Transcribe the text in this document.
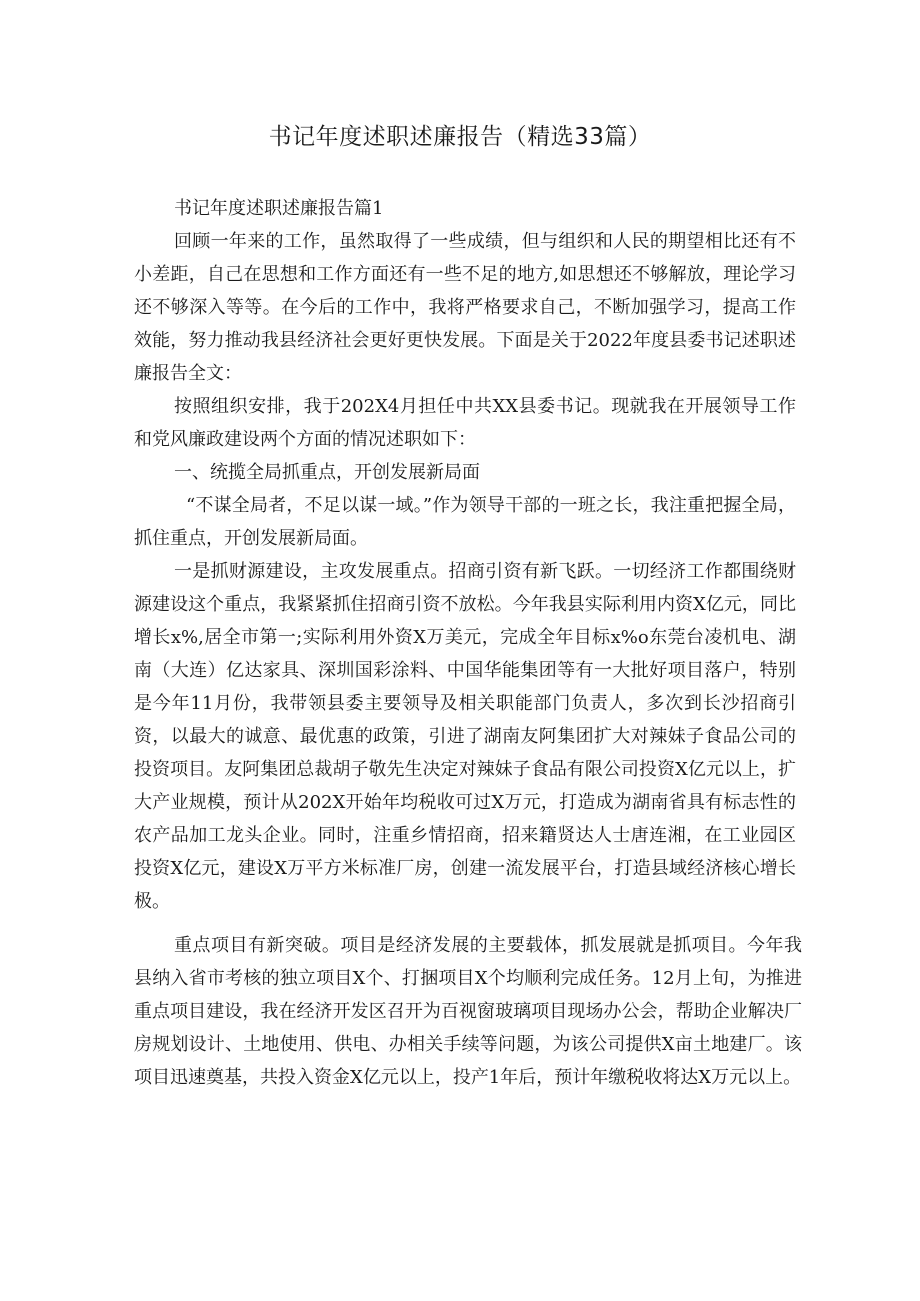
书记年度述职述廉报告（精选33篇）

书记年度述职述廉报告篇1

回顾一年来的工作，虽然取得了一些成绩，但与组织和人民的期望相比还有不小差距，自己在思想和工作方面还有一些不足的地方,如思想还不够解放，理论学习还不够深入等等。在今后的工作中，我将严格要求自己，不断加强学习，提高工作效能，努力推动我县经济社会更好更快发展。下面是关于2022年度县委书记述职述廉报告全文：

按照组织安排，我于202X4月担任中共XX县委书记。现就我在开展领导工作和党风廉政建设两个方面的情况述职如下：

一、统揽全局抓重点，开创发展新局面

“不谋全局者，不足以谋一域。”作为领导干部的一班之长，我注重把握全局，抓住重点，开创发展新局面。

一是抓财源建设，主攻发展重点。招商引资有新飞跃。一切经济工作都围绕财源建设这个重点，我紧紧抓住招商引资不放松。今年我县实际利用内资X亿元，同比增长x%,居全市第一;实际利用外资X万美元，完成全年目标x%o东莞台凌机电、湖南（大连）亿达家具、深圳国彩涂料、中国华能集团等有一大批好项目落户，特别是今年11月份，我带领县委主要领导及相关职能部门负责人，多次到长沙招商引资，以最大的诚意、最优惠的政策，引进了湖南友阿集团扩大对辣妹子食品公司的投资项目。友阿集团总裁胡子敬先生决定对辣妹子食品有限公司投资X亿元以上，扩大产业规模，预计从202X开始年均税收可过X万元，打造成为湖南省具有标志性的农产品加工龙头企业。同时，注重乡情招商，招来籍贤达人士唐连湘，在工业园区投资X亿元，建设X万平方米标准厂房，创建一流发展平台，打造县域经济核心增长极。

重点项目有新突破。项目是经济发展的主要载体，抓发展就是抓项目。今年我县纳入省市考核的独立项目X个、打捆项目X个均顺利完成任务。12月上旬，为推进重点项目建设，我在经济开发区召开为百视窗玻璃项目现场办公会，帮助企业解决厂房规划设计、土地使用、供电、办相关手续等问题，为该公司提供X亩土地建厂。该项目迅速奠基，共投入资金X亿元以上，投产1年后，预计年缴税收将达X万元以上。
